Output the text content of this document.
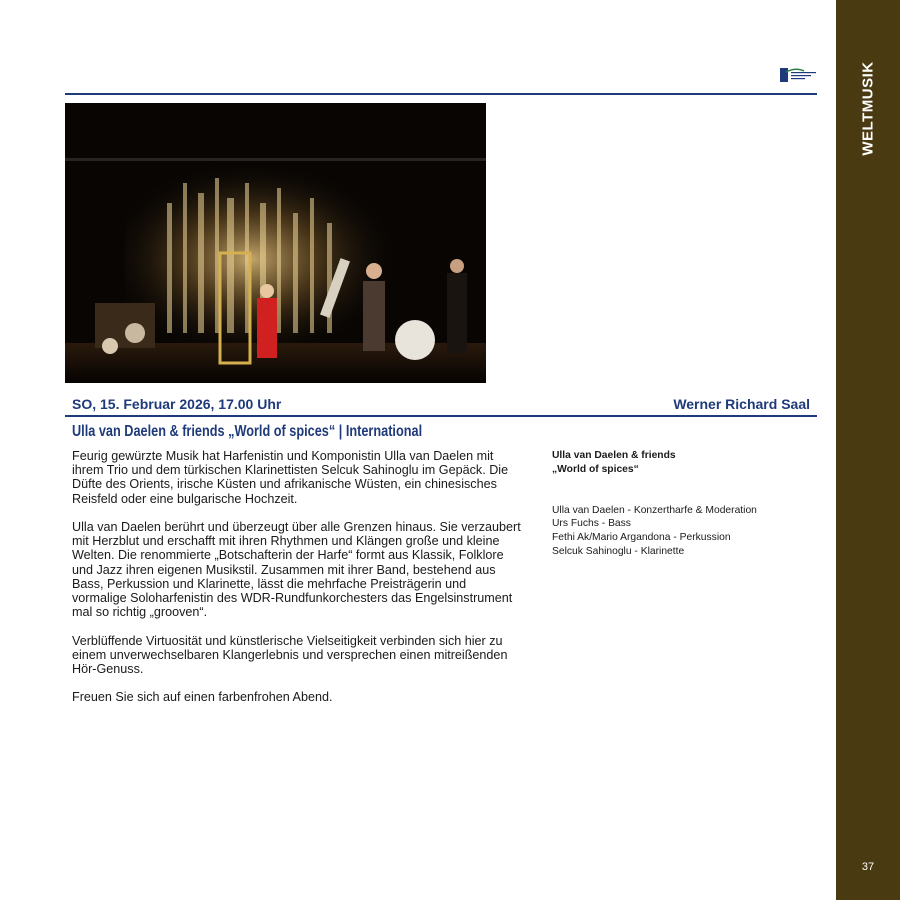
WELTMUSIK
37
SO, 15. Februar 2026, 17.00 Uhr	Werner Richard Saal
Ulla van Daelen & friends „World of spices“ | International

Feurig gewürzte Musik hat Harfenistin und Komponistin Ulla van Daelen mit ihrem Trio und dem türkischen Klarinettisten Selcuk Sahinoglu im Gepäck. Die Düfte des Orients, irische Küsten und afrikanische Wüsten, ein chinesisches Reisfeld oder eine bulgarische Hochzeit.

Ulla van Daelen berührt und überzeugt über alle Grenzen hinaus. Sie verzaubert mit Herzblut und erschafft mit ihren Rhythmen und Klängen große und kleine Welten. Die renommierte „Botschafterin der Harfe“ formt aus Klassik, Folklore und Jazz ihren eigenen Musikstil. Zusammen mit ihrer Band, bestehend aus Bass, Perkussion und Klarinette, lässt die mehrfache Preisträgerin und vormalige Soloharfenistin des WDR-Rundfunkorchesters das Engelsinstrument mal so richtig „grooven“.

Verblüffende Virtuosität und künstlerische Vielseitigkeit verbinden sich hier zu einem unverwechselbaren Klangerlebnis und versprechen einen mitreißenden Hör-Genuss.

Freuen Sie sich auf einen farbenfrohen Abend.

Ulla van Daelen & friends
„World of spices“
Ulla van Daelen - Konzertharfe & Moderation
Urs Fuchs - Bass
Fethi Ak/Mario Argandona - Perkussion
Selcuk Sahinoglu - Klarinette
